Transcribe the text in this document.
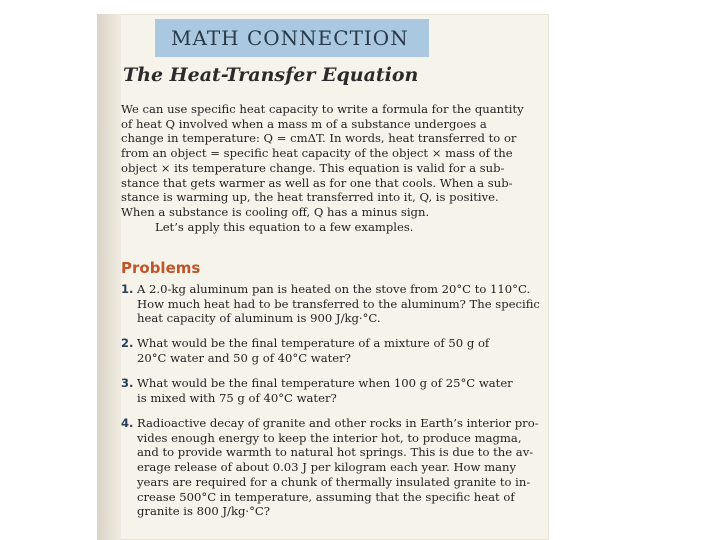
MATH CONNECTION
The Heat-Transfer Equation
We can use specific heat capacity to write a formula for the quantity
of heat Q involved when a mass m of a substance undergoes a
change in temperature: Q = cmΔT. In words, heat transferred to or
from an object = specific heat capacity of the object × mass of the
object × its temperature change. This equation is valid for a sub-
stance that gets warmer as well as for one that cools. When a sub-
stance is warming up, the heat transferred into it, Q, is positive.
When a substance is cooling off, Q has a minus sign.
Let’s apply this equation to a few examples.
Problems
1. A 2.0-kg aluminum pan is heated on the stove from 20°C to 110°C.
How much heat had to be transferred to the aluminum? The specific
heat capacity of aluminum is 900 J/kg·°C.
2. What would be the final temperature of a mixture of 50 g of
20°C water and 50 g of 40°C water?
3. What would be the final temperature when 100 g of 25°C water
is mixed with 75 g of 40°C water?
4. Radioactive decay of granite and other rocks in Earth’s interior pro-
vides enough energy to keep the interior hot, to produce magma,
and to provide warmth to natural hot springs. This is due to the av-
erage release of about 0.03 J per kilogram each year. How many
years are required for a chunk of thermally insulated granite to in-
crease 500°C in temperature, assuming that the specific heat of
granite is 800 J/kg·°C?
